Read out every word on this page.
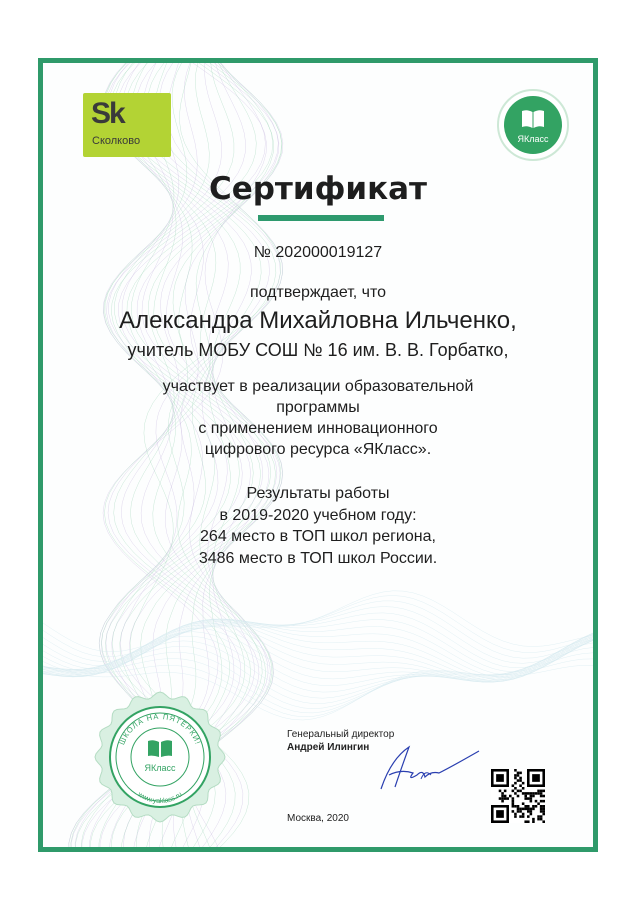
Sk
Сколково	ЯКласс
Сертификат
№ 202000019127
подтверждает, что
Александра Михайловна Ильченко,
учитель МОБУ СОШ № 16 им. В. В. Горбатко,
участвует в реализации образовательной
программы
с применением инновационного
цифрового ресурса «ЯКласс».
Результаты работы
в 2019-2020 учебном году:
264 место в ТОП школ региона,
3486 место в ТОП школ России.
ШКОЛА НА ПЯТЕРКИ!
www.yaklass.ru
ЯКласс
Генеральный директор
Андрей Илингин
Москва, 2020
